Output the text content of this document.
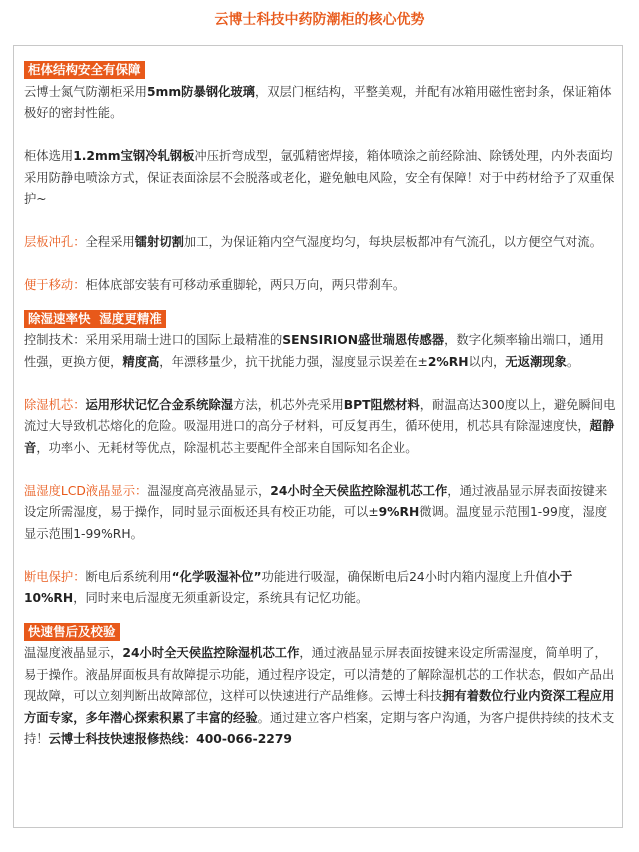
云博士科技中药防潮柜的核心优势
柜体结构安全有保障

云博士氮气防潮柜采用5mm防暴钢化玻璃，双层门框结构，平整美观，并配有冰箱用磁性密封条，保证箱体极好的密封性能。

柜体选用1.2mm宝钢冷轧钢板冲压折弯成型，氩弧精密焊接，箱体喷涂之前经除油、除锈处理，内外表面均采用防静电喷涂方式，保证表面涂层不会脱落或老化，避免触电风险，安全有保障！对于中药材给予了双重保护~

层板冲孔：全程采用镭射切割加工，为保证箱内空气湿度均匀，每块层板都冲有气流孔，以方便空气对流。

便于移动：柜体底部安装有可移动承重脚轮，两只万向，两只带刹车。

除湿速率快  湿度更精准

控制技术：采用采用瑞士进口的国际上最精准的SENSIRION盛世瑞恩传感器，数字化频率输出端口，通用性强，更换方便，精度高，年漂移量少，抗干扰能力强，湿度显示误差在±2%RH以内，无返潮现象。

除湿机芯：运用形状记忆合金系统除湿方法，机芯外壳采用BPT阻燃材料，耐温高达300度以上，避免瞬间电流过大导致机芯熔化的危险。吸湿用进口的高分子材料，可反复再生，循环使用，机芯具有除湿速度快，超静音，功率小、无耗材等优点，除湿机芯主要配件全部来自国际知名企业。

温湿度LCD液晶显示：温湿度高亮液晶显示，24小时全天侯监控除湿机芯工作，通过液晶显示屏表面按键来设定所需湿度，易于操作，同时显示面板还具有校正功能，可以±9%RH微调。温度显示范围1-99度，湿度显示范围1-99%RH。

断电保护：断电后系统利用“化学吸湿补位”功能进行吸湿，确保断电后24小时内箱内湿度上升值小于10%RH，同时来电后湿度无须重新设定，系统具有记忆功能。

快速售后及校验

温湿度液晶显示，24小时全天侯监控除湿机芯工作，通过液晶显示屏表面按键来设定所需湿度，简单明了，易于操作。液晶屏面板具有故障提示功能，通过程序设定，可以清楚的了解除湿机芯的工作状态，假如产品出现故障，可以立刻判断出故障部位，这样可以快速进行产品维修。云博士科技拥有着数位行业内资深工程应用方面专家，多年潜心探索积累了丰富的经验。通过建立客户档案，定期与客户沟通，为客户提供持续的技术支持！云博士科技快速报修热线：400-066-2279
